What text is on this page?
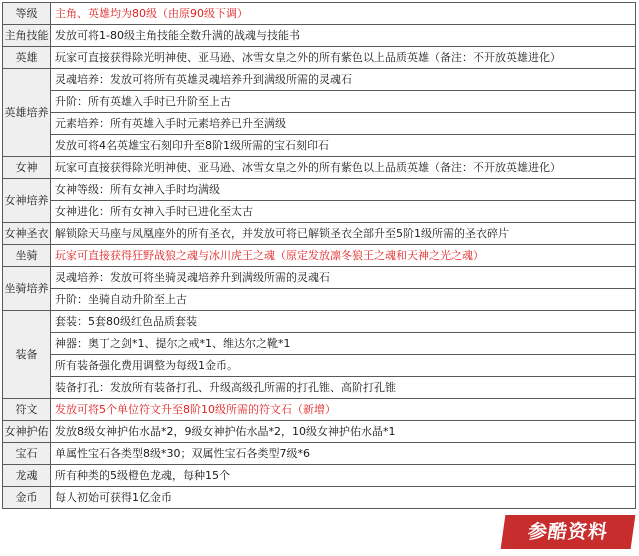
等级	主角、英雄均为80级（由原90级下调）
主角技能	发放可将1-80级主角技能全数升满的战魂与技能书
英雄	玩家可直接获得除光明神使、亚马逊、冰雪女皇之外的所有紫色以上品质英雄（备注：不开放英雄进化）
英雄培养	灵魂培养：发放可将所有英雄灵魂培养升到满级所需的灵魂石
	升阶：所有英雄入手时已升阶至上古
	元素培养：所有英雄入手时元素培养已升至满级
	发放可将4名英雄宝石刻印升至8阶1级所需的宝石刻印石
女神	玩家可直接获得除光明神使、亚马逊、冰雪女皇之外的所有紫色以上品质英雄（备注：不开放英雄进化）
女神培养	女神等级：所有女神入手时均满级
	女神进化：所有女神入手时已进化至太古
女神圣衣	解锁除天马座与凤凰座外的所有圣衣，并发放可将已解锁圣衣全部升至5阶1级所需的圣衣碎片
坐骑	玩家可直接获得狂野战狼之魂与冰川虎王之魂（原定发放凛冬狼王之魂和天神之光之魂）
坐骑培养	灵魂培养：发放可将坐骑灵魂培养升到满级所需的灵魂石
	升阶：坐骑自动升阶至上古
装备	套装：5套80级红色品质套装
	神器：奥丁之剑*1、提尔之戒*1、维达尔之靴*1
	所有装备强化费用调整为每级1金币。
	装备打孔：发放所有装备打孔、升级高级孔所需的打孔锥、高阶打孔锥
符文	发放可将5个单位符文升至8阶10级所需的符文石（新增）
女神护佑	发放8级女神护佑水晶*2，9级女神护佑水晶*2，10级女神护佑水晶*1
宝石	单属性宝石各类型8级*30；双属性宝石各类型7级*6
龙魂	所有种类的5级橙色龙魂，每种15个
金币	每人初始可获得1亿金币
参酷资料
